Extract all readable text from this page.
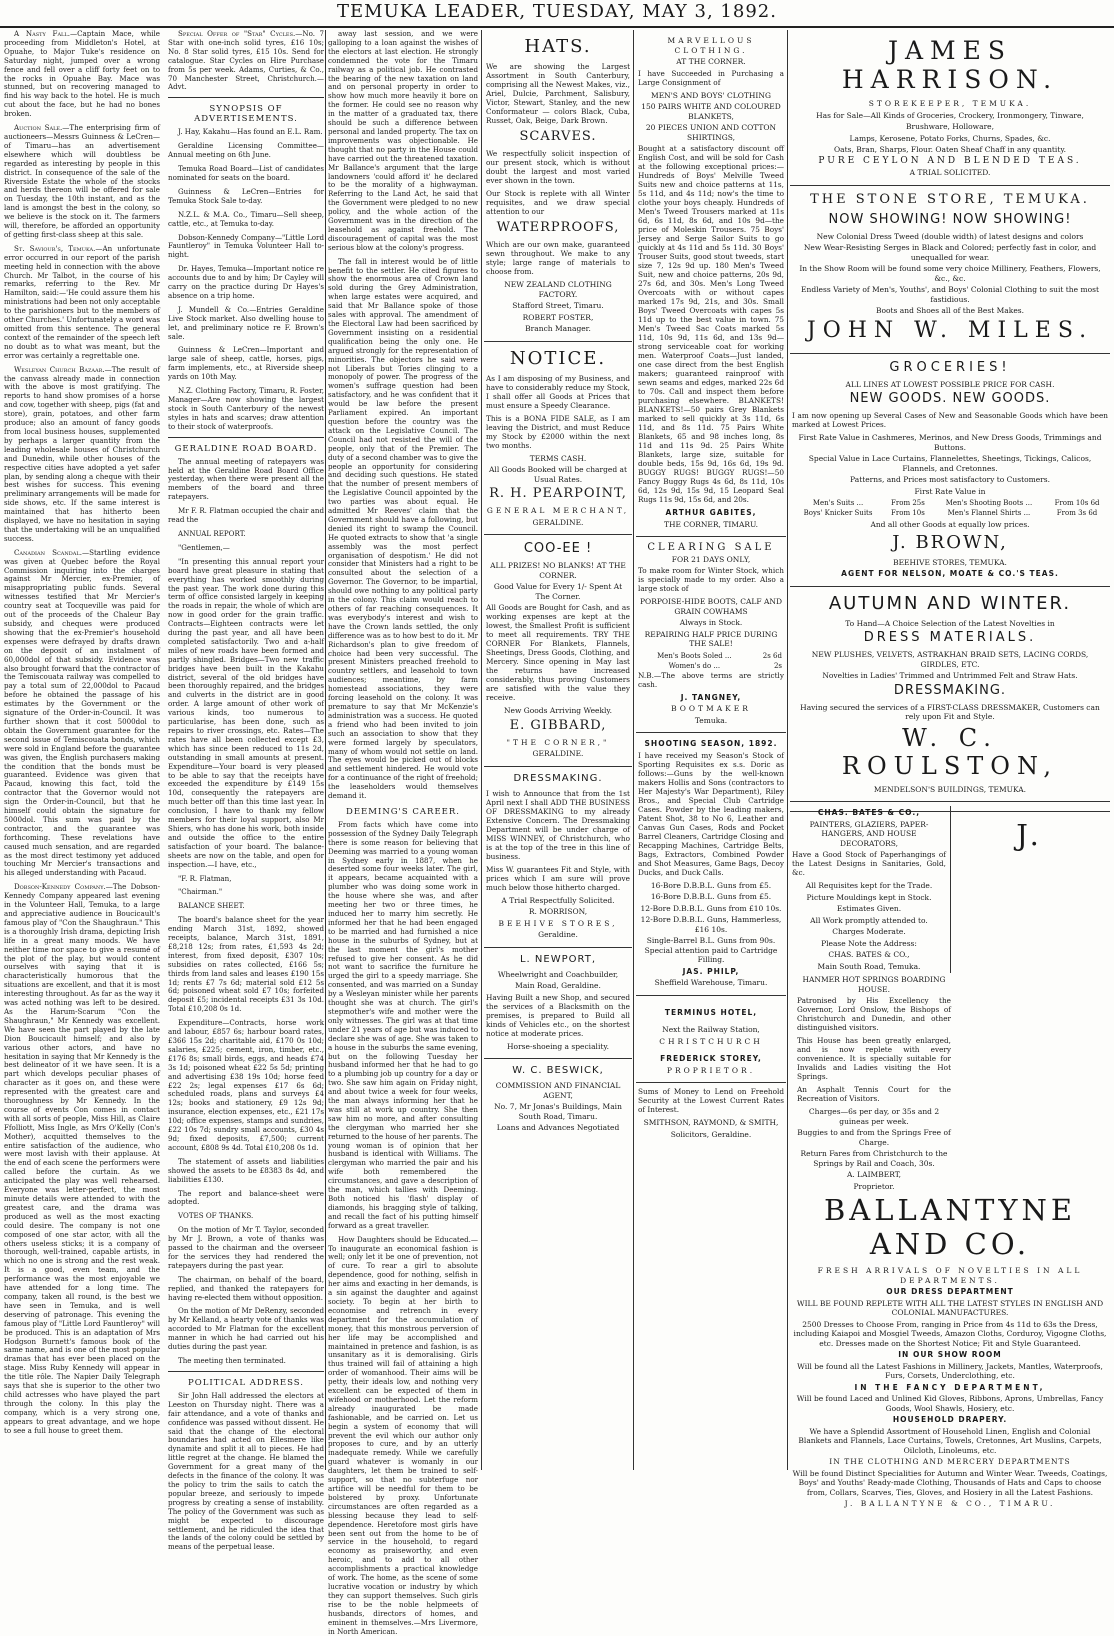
TEMUKA LEADER, TUESDAY, MAY 3, 1892.

A Nasty Fall.—Captain Mace, while proceeding from Middleton's Hotel, at Opuahe, to Major Tuke's residence on Saturday night, jumped over a wrong fence and fell over a cliff forty feet on to the rocks in Opuahe Bay. Mace was stunned, but on recovering managed to find his way back to the hotel. He is much cut about the face, but he had no bones broken.

Auction Sale.—The enterprising firm of auctioneers—Messrs Guinness & LeCren—of Timaru—has an advertisement elsewhere which will doubtless be regarded as interesting by people in this district. In consequence of the sale of the Riverside Estate the whole of the stocks and herds thereon will be offered for sale on Tuesday, the 10th instant, and as the land is amongst the best in the colony, so we believe is the stock on it. The farmers will, therefore, be afforded an opportunity of getting first-class sheep at this sale.

St. Saviour's, Temuka.—An unfortunate error occurred in our report of the parish meeting held in connection with the above Church. Mr Talbot, in the course of his remarks, referring to the Rev. Mr Hamilton, said:—'He could assure them his ministrations had been not only acceptable to the parishioners but to the members of other Churches.' Unfortunately a word was omitted from this sentence. The general context of the remainder of the speech left no doubt as to what was meant, but the error was certainly a regrettable one.

Wesleyan Church Bazaar.—The result of the canvass already made in connection with the above is most gratifying. The reports to hand show promises of a horse and cow, together with sheep, pigs (fat and store), grain, potatoes, and other farm produce; also an amount of fancy goods from local business houses, supplemented by perhaps a larger quantity from the leading wholesale houses of Christchurch and Dunedin, while other houses of the respective cities have adopted a yet safer plan, by sending along a cheque with their best wishes for success. This evening preliminary arrangements will be made for side shows, etc. If the same interest is maintained that has hitherto been displayed, we have no hesitation in saying that the undertaking will be an unqualified success.

Canadian Scandal.—Startling evidence was given at Quebec before the Royal Commission inquiring into the charges against Mr Mercier, ex-Premier, of misappropriating public funds. Several witnesses testified that Mr Mercier's country seat at Tocqueville was paid for out of the proceeds of the Chaleur Bay subsidy, and cheques were produced showing that the ex-Premier's household expenses were defrayed by drafts drawn on the deposit of an instalment of 60,000dol of that subsidy. Evidence was also brought forward that the contractor of the Temiscouata railway was compelled to pay a total sum of 22,000dol to Pacaud before he obtained the passage of his estimates by the Government or the signature of the Order-in-Council. It was further shown that it cost 5000dol to obtain the Government guarantee for the second issue of Temiscouata bonds, which were sold in England before the guarantee was given, the English purchasers making the condition that the bonds must be guaranteed. Evidence was given that Pacaud, knowing this fact, told the contractor that the Governor would not sign the Order-in-Council, but that he himself could obtain the signature for 5000dol. This sum was paid by the contractor, and the guarantee was forthcoming. These revelations have caused much sensation, and are regarded as the most direct testimony yet adduced touching Mr Mercier's transactions and his alleged understanding with Pacaud.

Dobson-Kennedy Company.—The Dobson-Kennedy Company appeared last evening in the Volunteer Hall, Temuka, to a large and appreciative audience in Boucicault's famous play of "Con the Shaughraun." This is a thoroughly Irish drama, depicting Irish life in a great many moods. We have neither time nor space to give a resumé of the plot of the play, but would content ourselves with saying that it is characteristically humorous that the situations are excellent, and that it is most interesting throughout. As far as the way it was acted nothing was left to be desired. As the Harum-Scarum "Con the Shaughraun," Mr Kennedy was excellent. We have seen the part played by the late Dion Boucicault himself; and also by various other actors, and have no hesitation in saying that Mr Kennedy is the best delineator of it we have seen. It is a part which develops peculiar phases of character as it goes on, and these were represented with the greatest care and thoroughness by Mr Kennedy. In the course of events Con comes in contact with all sorts of people, Miss Hill, as Claire Ffolliott, Miss Ingle, as Mrs O'Kelly (Con's Mother), acquitted themselves to the entire satisfaction of the audience, who were most lavish with their applause. At the end of each scene the performers were called before the curtain. As we anticipated the play was well rehearsed. Everyone was letter-perfect, the most minute details were attended to with the greatest care, and the drama was produced as well as the most exacting could desire. The company is not one composed of one star actor, with all the others useless sticks; it is a company of thorough, well-trained, capable artists, in which no one is strong and the rest weak. It is a good, even team, and the performance was the most enjoyable we have attended for a long time. The company, taken all round, is the best we have seen in Temuka, and is well deserving of patronage. This evening the famous play of "Little Lord Fauntleroy" will be produced. This is an adaptation of Mrs Hodgson Burnett's famous book of the same name, and is one of the most popular dramas that has ever been placed on the stage. Miss Ruby Kennedy will appear in the title rôle. The Napier Daily Telegraph says that she is superior to the other two child actresses who have played the part through the colony. In this play the company, which is a very strong one, appears to great advantage, and we hope to see a full house to greet them.

Special Offer of "Star" Cycles.—No. 7 Star with one-inch solid tyres, £16 10s; No. 8 Star solid tyres, £15 10s. Send for catalogue. Star Cycles on Hire Purchase from 5s per week. Adams, Curties, & Co., 70 Manchester Street, Christchurch.—Advt.

SYNOPSIS OF ADVERTISEMENTS.

J. Hay, Kakahu—Has found an E.L. Ram.

Geraldine Licensing Committee—Annual meeting on 6th June.

Temuka Road Board—List of candidates nominated for seats on the board.

Guinness & LeCren—Entries for Temuka Stock Sale to-day.

N.Z.L. & M.A. Co., Timaru—Sell sheep, cattle, etc., at Temuka to-day.

Dobson-Kennedy Company—"Little Lord Fauntleroy" in Temuka Volunteer Hall to-night.

Dr. Hayes, Temuka—Important notice re accounts due to and by him; Dr Cayley will carry on the practice during Dr Hayes's absence on a trip home.

J. Mundell & Co.—Entries Geraldine Live Stock market. Also dwelling house to let, and preliminary notice re F. Brown's sale.

Guinness & LeCren—Important and large sale of sheep, cattle, horses, pigs, farm implements, etc., at Riverside sheep yards on 10th May.

N.Z. Clothing Factory, Timaru, R. Foster, Manager—Are now showing the largest stock in South Canterbury of the newest styles in hats and scarves; draw attention to their stock of waterproofs.

GERALDINE ROAD BOARD.

The annual meeting of ratepayers was held at the Geraldine Road Board Office yesterday, when there were present all the members of the board and three ratepayers.

Mr F. R. Flatman occupied the chair and read the

ANNUAL REPORT.

"Gentlemen,—

"In presenting this annual report your board have great pleasure in stating that everything has worked smoothly during the past year. The work done during this term of office consisted largely in keeping the roads in repair, the whole of which are now in good order for the grain traffic. Contracts—Eighteen contracts were let during the past year, and all have been completed satisfactorily. Two and a-half miles of new roads have been formed and partly shingled. Bridges—Two new traffic bridges have been built in the Kakahu district, several of the old bridges have been thoroughly repaired, and the bridges and culverts in the district are in good order. A large amount of other work of various kinds, too numerous to particularise, has been done, such as repairs to river crossings, etc. Rates—The rates have all been collected except £3, which has since been reduced to 11s 2d, outstanding in small amounts at present. Expenditure—Your board is very pleased to be able to say that the receipts have exceeded the expenditure by £149 15s 10d, consequently the ratepayers are much better off than this time last year. In conclusion, I have to thank my fellow members for their loyal support, also Mr Shiers, who has done his work, both inside and outside the office to the entire satisfaction of your board. The balance-sheets are now on the table, and open for inspection.—I have, etc.,

"F. R. Flatman,

"Chairman."

BALANCE SHEET.

The board's balance sheet for the year ending March 31st, 1892, showed receipts, balance, March 31st, 1891, £8,218 12s; from rates, £1,593 4s 2d; interest, from fixed deposit, £307 10s; subsidies on rates collected, £166 5s; thirds from land sales and leases £190 15s 1d; rents £7 7s 6d; material sold £12 5s 6d; poisoned wheat sold £7 10s; forfeited deposit £5; incidental receipts £31 3s 10d. Total £10,208 0s 1d.

Expenditure—Contracts, horse work and labour, £857 6s; harbour board rates, £366 15s 2d; charitable aid, £170 0s 10d; salaries, £225; cement, iron, timber, etc., £176 8s; small birds, eggs, and heads £74 3s 1d; poisoned wheat £22 5s 5d; printing and advertising £38 19s 10d; horse feed £22 2s; legal expenses £17 6s 6d; scheduled roads, plans and surveys £4 12s; books and stationery, £9 12s 9d; insurance, election expenses, etc., £21 17s 10d; office expenses, stamps and sundries, £22 10s 7d; sundry small accounts, £30 4s 9d; fixed deposits, £7,500; current account, £808 9s 4d. Total £10,208 0s 1d.

The statement of assets and liabilities showed the assets to be £8383 8s 4d, and liabilities £130.

The report and balance-sheet were adopted.

VOTES OF THANKS.

On the motion of Mr T. Taylor, seconded by Mr J. Brown, a vote of thanks was passed to the chairman and the overseer for the services they had rendered the ratepayers during the past year.

The chairman, on behalf of the board, replied, and thanked the ratepayers for having re-elected them without opposition.

On the motion of Mr DeRenzy, seconded by Mr Kelland, a hearty vote of thanks was accorded to Mr Flatman for the excellent manner in which he had carried out his duties during the past year.

The meeting then terminated.

POLITICAL ADDRESS.

Sir John Hall addressed the electors at Leeston on Thursday night. There was a fair attendance, and a vote of thanks and confidence was passed without dissent. He said that the change of the electoral boundaries had acted on Ellesmere like dynamite and split it all to pieces. He had little regret at the change. He blamed the Government for a great many of the defects in the finance of the colony. It was the policy to trim the sails to catch the popular breeze, and seriously to impede progress by creating a sense of instability. The policy of the Government was such as might be expected to discourage settlement, and he ridiculed the idea that the lands of the colony could be settled by means of the perpetual lease.

away last session, and we were galloping to a loan against the wishes of the electors at last election. He strongly condemned the vote for the Timaru railway as a political job. He contrasted the bearing of the new taxation on land and on personal property in order to show how much more heavily it bore on the former. He could see no reason why in the matter of a graduated tax, there should be such a difference between personal and landed property. The tax on improvements was objectionable. He thought that no party in the House could have carried out the threatened taxation. Mr Ballance's argument that the large landowners 'could afford it' he declared to be the morality of a highwayman. Referring to the Land Act, he said that the Government were pledged to no new policy, and the whole action of the Government was in the direction of the leasehold as against freehold. The discouragement of capital was the most serious blow at the colony's progress.

The fall in interest would be of little benefit to the settler. He cited figures to show the enormous area of Crown land sold during the Grey Administration, when large estates were acquired, and said that Mr Ballance spoke of those sales with approval. The amendment of the Electoral Law had been sacrificed by Government insisting on a residential qualification being the only one. He argued strongly for the representation of minorities. The objectors he said were not Liberals but Tories clinging to a monopoly of power. The progress of the women's suffrage question had been satisfactory, and he was confident that it would be law before the present Parliament expired. An important question before the country was the attack on the Legislative Council. The Council had not resisted the will of the people, only that of the Premier. The duty of a second chamber was to give the people an opportunity for considering and deciding such questions. He stated that the number of present members of the Legislative Council appointed by the two parties was about equal. He admitted Mr Reeves' claim that the Government should have a following, but denied its right to swamp the Council. He quoted extracts to show that 'a single assembly was the most perfect organisation of despotism.' He did not consider that Ministers had a right to be consulted about the selection of a Governor. The Governor, to be impartial, should owe nothing to any political party in the colony. This claim would reach to others of far reaching consequences. It was everybody's interest and wish to have the Crown lands settled, the only difference was as to how best to do it. Mr Richardson's plan to give freedom of choice had been very successful. The present Ministers preached freehold to country settlers, and leasehold to town audiences; meantime, by farm homestead associations, they were forcing leasehold on the colony. It was premature to say that Mr McKenzie's administration was a success. He quoted a friend who had been invited to join such an association to show that they were formed largely by speculators, many of whom would not settle on land. The eyes would be picked out of blocks and settlement hindered. He would vote for a continuance of the right of freehold; the leaseholders would themselves demand it.

DEEMING'S CAREER.

From facts which have come into possession of the Sydney Daily Telegraph there is some reason for believing that Deeming was married to a young woman in Sydney early in 1887, when he deserted some four weeks later. The girl, it appears, became acquainted with a plumber who was doing some work in the house where she was, and after meeting her two or three times, he induced her to marry him secretly. He informed her that he had been engaged to be married and had furnished a nice house in the suburbs of Sydney, but at the last moment the girl's mother refused to give her consent. As he did not want to sacrifice the furniture he urged the girl to a speedy marriage. She consented, and was married on a Sunday by a Wesleyan minister while her parents thought she was at church. The girl's stepmother's wife and mother were the only witnesses. The girl was at that time under 21 years of age but was induced to declare she was of age. She was taken to a house in the suburbs the same evening, but on the following Tuesday her husband informed her that he had to go to a plumbing job up country for a day or two. She saw him again on Friday night, and about twice a week for four weeks, the man always informing her that he was still at work up country. She then saw him no more, and after consulting the clergyman who married her she returned to the house of her parents. The young woman is of opinion that her husband is identical with Williams. The clergyman who married the pair and his wife both remembered the circumstances, and gave a description of the man, which tallies with Deeming. Both noticed his 'flash' display of diamonds, his bragging style of talking, and recall the fact of his putting himself forward as a great traveller.

How Daughters should be Educated.—To inaugurate an economical fashion is well; only let it be one of prevention, not of cure. To rear a girl to absolute dependence, good for nothing, selfish in her aims and exacting in her demands, is a sin against the daughter and against society. To begin at her birth to economise and retrench in every department for the accumulation of money, that this monstrous perversion of her life may be accomplished and maintained in pretence and fashion, is as unsanitary as it is demoralising. Girls thus trained will fail of attaining a high order of womanhood. Their aims will be petty, their ideals low, and nothing very excellent can be expected of them in wifehood or motherhood. Let the reform already inaugurated be made fashionable, and be carried on. Let us begin a system of economy that will prevent the evil which our author only proposes to cure, and by an utterly inadequate remedy. While we carefully guard whatever is womanly in our daughters, let them be trained to self-support, so that no subterfuge nor artifice will be needful for them to be bolstered by proxy. Unfortunate circumstances are often regarded as a blessing because they lead to self-dependence. Heretofore most girls have been sent out from the home to be of service in the household, to regard economy as praiseworthy, and even heroic, and to add to all other accomplishments a practical knowledge of work. The home, as the scene of some lucrative vocation or industry by which they can support themselves. Such girls rise to be the noble helpmeets of husbands, directors of homes, and eminent in themselves.—Mrs Livermore, in North American.

HATS.

We are showing the Largest Assortment in South Canterbury, comprising all the Newest Makes, viz., Ariel, Dulcie, Parchment, Salisbury, Victor, Stewart, Stanley, and the new Conformateur — colors Black, Cuba, Russet, Oak, Beige, Dark Brown.

SCARVES.

We respectfully solicit inspection of our present stock, which is without doubt the largest and most varied ever shown in the town.

Our Stock is replete with all Winter requisites, and we draw special attention to our

WATERPROOFS,

Which are our own make, guaranteed sewn throughout. We make to any style; large range of materials to choose from.

NEW ZEALAND CLOTHING FACTORY.

Stafford Street, Timaru.

ROBERT FOSTER,

Branch Manager.

NOTICE.

As I am disposing of my Business, and have to considerably reduce my Stock, I shall offer all Goods at Prices that must ensure a Speedy Clearance.

This is a BONA FIDE SALE, as I am leaving the District, and must Reduce my Stock by £2000 within the next two months.

TERMS CASH.

All Goods Booked will be charged at Usual Rates.

R. H. PEARPOINT,

GENERAL MERCHANT,

GERALDINE.

COO-EE !

ALL PRIZES! NO BLANKS! AT THE CORNER.

Good Value for Every 1/- Spent At The Corner.

All Goods are Bought for Cash, and as working expenses are kept at the lowest, the Smallest Profit is sufficient to meet all requirements. TRY THE CORNER For Blankets, Flannels, Sheetings, Dress Goods, Clothing, and Mercery. Since opening in May last the returns have increased considerably, thus proving Customers are satisfied with the value they receive.

New Goods Arriving Weekly.

E. GIBBARD,

"THE CORNER,"

GERALDINE.

DRESSMAKING.

I wish to Announce that from the 1st April next I shall ADD THE BUSINESS OF DRESSMAKING to my already Extensive Concern. The Dressmaking Department will be under charge of MISS WINNEY, of Christchurch, who is at the top of the tree in this line of business.

Miss W. guarantees Fit and Style, with prices which I am sure will prove much below those hitherto charged.

A Trial Respectfully Solicited.

R. MORRISON,

BEEHIVE STORES,

Geraldine.

L. NEWPORT,

Wheelwright and Coachbuilder,

Main Road, Geraldine.

Having Built a new Shop, and secured the services of a Blacksmith on the premises, is prepared to Build all kinds of Vehicles etc., on the shortest notice at moderate prices.

Horse-shoeing a speciality.

W. C. BESWICK,

COMMISSION AND FINANCIAL AGENT,

No. 7, Mr Jonas's Buildings, Main South Road, Timaru.

Loans and Advances Negotiated

MARVELLOUS CLOTHING.

AT THE CORNER.

I have Succeeded in Purchasing a Large Consignment of

MEN'S AND BOYS' CLOTHING

150 PAIRS WHITE AND COLOURED BLANKETS,

20 PIECES UNION AND COTTON SHIRTINGS,

Bought at a satisfactory discount off English Cost, and will be sold for Cash at the following exceptional prices:—Hundreds of Boys' Melville Tweed Suits new and choice patterns at 11s, 5s 11d, and 4s 11d; now's the time to clothe your boys cheaply. Hundreds of Men's Tweed Trousers marked at 11s 6d, 6s 11d, 8s 6d, and 10s 9d—the price of Moleskin Trousers. 75 Boys' Jersey and Serge Sailor Suits to go quickly at 4s 11d and 5s 11d. 30 Boys' Trouser Suits, good stout tweeds, start size 7, 12s 9d up. 180 Men's Tweed Suit, new and choice patterns, 20s 9d, 27s 6d, and 30s. Men's Long Tweed Overcoats with or without capes marked 17s 9d, 21s, and 30s. Small Boys' Tweed Overcoats with capes 5s 11d up to the best value in town. 75 Men's Tweed Sac Coats marked 5s 11d, 10s 9d, 11s 6d, and 13s 9d—strong serviceable coat for working men. Waterproof Coats—Just landed, one case direct from the best English makers; guaranteed rainproof with sewn seams and edges, marked 22s 6d to 70s. Call and inspect them before purchasing elsewhere. BLANKETS! BLANKETS!—50 pairs Grey Blankets marked to sell quickly at 3s 11d, 6s 11d, and 8s 11d. 75 Pairs White Blankets, 65 and 98 inches long, 8s 11d and 11s 9d. 25 Pairs White Blankets, large size, suitable for double beds, 15s 9d, 16s 6d, 19s 9d. BUGGY RUGS! BUGGY RUGS!—50 Fancy Buggy Rugs 4s 6d, 8s 11d, 10s 6d, 12s 9d, 15s 9d, 15 Leopard Seal Rugs 11s 9d, 15s 6d, and 20s.

ARTHUR GABITES,

THE CORNER, TIMARU.

CLEARING SALE

FOR 21 DAYS ONLY,

To make room for Winter Stock, which is specially made to my order. Also a large stock of

PORPOISE-HIDE BOOTS, CALF AND GRAIN COWHAMS

Always in Stock.

REPAIRING HALF PRICE DURING THE SALE!

Men's Boots Soled ...	2s 6d
Women's do ...	2s

N.B.—The above terms are strictly cash.

J. TANGNEY,

BOOTMAKER

Temuka.

SHOOTING SEASON, 1892.

I have received my Season's Stock of Sporting Requisites ex s.s. Doric as follows:—Guns by the well-known makers Hollis and Sons (contractors to Her Majesty's War Department), Riley Bros., and Special Club Cartridge Cases. Powder by the leading makers, Patent Shot, 38 to No 6, Leather and Canvas Gun Cases, Rods and Pocket Barrel Cleaners, Cartridge Closing and Recapping Machines, Cartridge Belts, Bags, Extractors, Combined Powder and Shot Measures, Game Bags, Decoy Ducks, and Duck Calls.

16-Bore D.B.B.L. Guns from £5.

16-Bore D.B.B.L. Guns from £5.

12-Bore D.B.B.L. Guns from £10 10s.

12-Bore D.B.B.L. Guns, Hammerless, £16 10s.

Single-Barrel B.L. Guns from 90s. Special attention paid to Cartridge Filling.

JAS. PHILP,

Sheffield Warehouse, Timaru.

TERMINUS HOTEL,

Next the Railway Station,

CHRISTCHURCH

FREDERICK STOREY,

PROPRIETOR.

Sums of Money to Lend on Freehold Security at the Lowest Current Rates of Interest.

SMITHSON, RAYMOND, & SMITH,

Solicitors, Geraldine.

JAMES HARRISON.

STOREKEEPER, TEMUKA.

Has for Sale—All Kinds of Groceries, Crockery, Ironmongery, Tinware,

Brushware, Holloware,

Lamps, Kerosene, Potato Forks, Churns, Spades, &c.

Oats, Bran, Sharps, Flour. Oaten Sheaf Chaff in any quantity.

PURE CEYLON AND BLENDED TEAS.

A TRIAL SOLICITED.

THE STONE STORE, TEMUKA.
NOW SHOWING! NOW SHOWING!

New Colonial Dress Tweed (double width) of latest designs and colors

New Wear-Resisting Serges in Black and Colored; perfectly fast in color, and unequalled for wear.

In the Show Room will be found some very choice Millinery, Feathers, Flowers, &c., &c.

Endless Variety of Men's, Youths', and Boys' Colonial Clothing to suit the most fastidious.

Boots and Shoes all of the Best Makes.

JOHN W. MILES.
GROCERIES!

ALL LINES AT LOWEST POSSIBLE PRICE FOR CASH.

NEW GOODS. NEW GOODS.

I am now opening up Several Cases of New and Seasonable Goods which have been marked at Lowest Prices.

First Rate Value in Cashmeres, Merinos, and New Dress Goods, Trimmings and Buttons.

Special Value in Lace Curtains, Flannelettes, Sheetings, Tickings, Calicos, Flannels, and Cretonnes.

Patterns, and Prices most satisfactory to Customers.

First Rate Value in

Men's Suits ...	From 25s	Men's Shooting Boots ...	From 10s 6d
Boys' Knicker Suits	From 10s	Men's Flannel Shirts ...	From 3s 6d

And all other Goods at equally low prices.

J. BROWN,

BEEHIVE STORES, TEMUKA.

AGENT FOR NELSON, MOATE & CO.'S TEAS.

AUTUMN AND WINTER.

To Hand—A Choice Selection of the Latest Novelties in

DRESS MATERIALS.

NEW PLUSHES, VELVETS, ASTRAKHAN BRAID SETS, LACING CORDS, GIRDLES, ETC.

Novelties in Ladies' Trimmed and Untrimmed Felt and Straw Hats.

DRESSMAKING.

Having secured the services of a FIRST-CLASS DRESSMAKER, Customers can rely upon Fit and Style.

W. C. ROULSTON,

MENDELSON'S BUILDINGS, TEMUKA.

CHAS. BATES & CO.,

PAINTERS, GLAZIERS, PAPER-HANGERS, AND HOUSE DECORATORS,

Have a Good Stock of Paperhangings of the Latest Designs in Sanitaries, Gold, &c.

All Requisites kept for the Trade.

Picture Mouldings kept in Stock.

Estimates Given.

All Work promptly attended to.

Charges Moderate.

Please Note the Address:

CHAS. BATES & CO.,

Main South Road, Temuka.

HANMER HOT SPRINGS BOARDING HOUSE.

Patronised by His Excellency the Governor, Lord Onslow, the Bishops of Christchurch and Dunedin, and other distinguished visitors.

This House has been greatly enlarged, and is now replete with every convenience. It is specially suitable for Invalids and Ladies visiting the Hot Springs.

An Asphalt Tennis Court for the Recreation of Visitors.

Charges—6s per day, or 35s and 2 guineas per week.

Buggies to and from the Springs Free of Charge.

Return Fares from Christchurch to the Springs by Rail and Coach, 30s.

A. LAIMBERT,

Proprietor.

J. BALLANTYNE AND CO.

FRESH ARRIVALS OF NOVELTIES IN ALL DEPARTMENTS.

OUR DRESS DEPARTMENT

WILL BE FOUND REPLETE WITH ALL THE LATEST STYLES IN ENGLISH AND COLONIAL MANUFACTURES.

2500 Dresses to Choose From, ranging in Price from 4s 11d to 63s the Dress, including Kaiapoi and Mosgiel Tweeds, Amazon Cloths, Corduroy, Vigogne Cloths, etc. Dresses made on the Shortest Notice; Fit and Style Guaranteed.

IN OUR SHOW ROOM

Will be found all the Latest Fashions in Millinery, Jackets, Mantles, Waterproofs, Furs, Corsets, Underclothing, etc.

IN THE FANCY DEPARTMENT,

Will be found Laced and Unlined Kid Gloves, Ribbons, Aprons, Umbrellas, Fancy Goods, Wool Shawls, Hosiery, etc.

HOUSEHOLD DRAPERY.

We have a Splendid Assortment of Household Linen, English and Colonial Blankets and Flannels, Lace Curtains, Towels, Cretonnes, Art Muslins, Carpets, Oilcloth, Linoleums, etc.

IN THE CLOTHING AND MERCERY DEPARTMENTS

Will be found Distinct Specialities for Autumn and Winter Wear. Tweeds, Coatings, Boys' and Youths' Ready-made Clothing, Thousands of Hats and Caps to choose from, Collars, Scarves, Ties, Gloves, and Hosiery in all the Latest Fashions.

J. BALLANTYNE & CO., TIMARU.
